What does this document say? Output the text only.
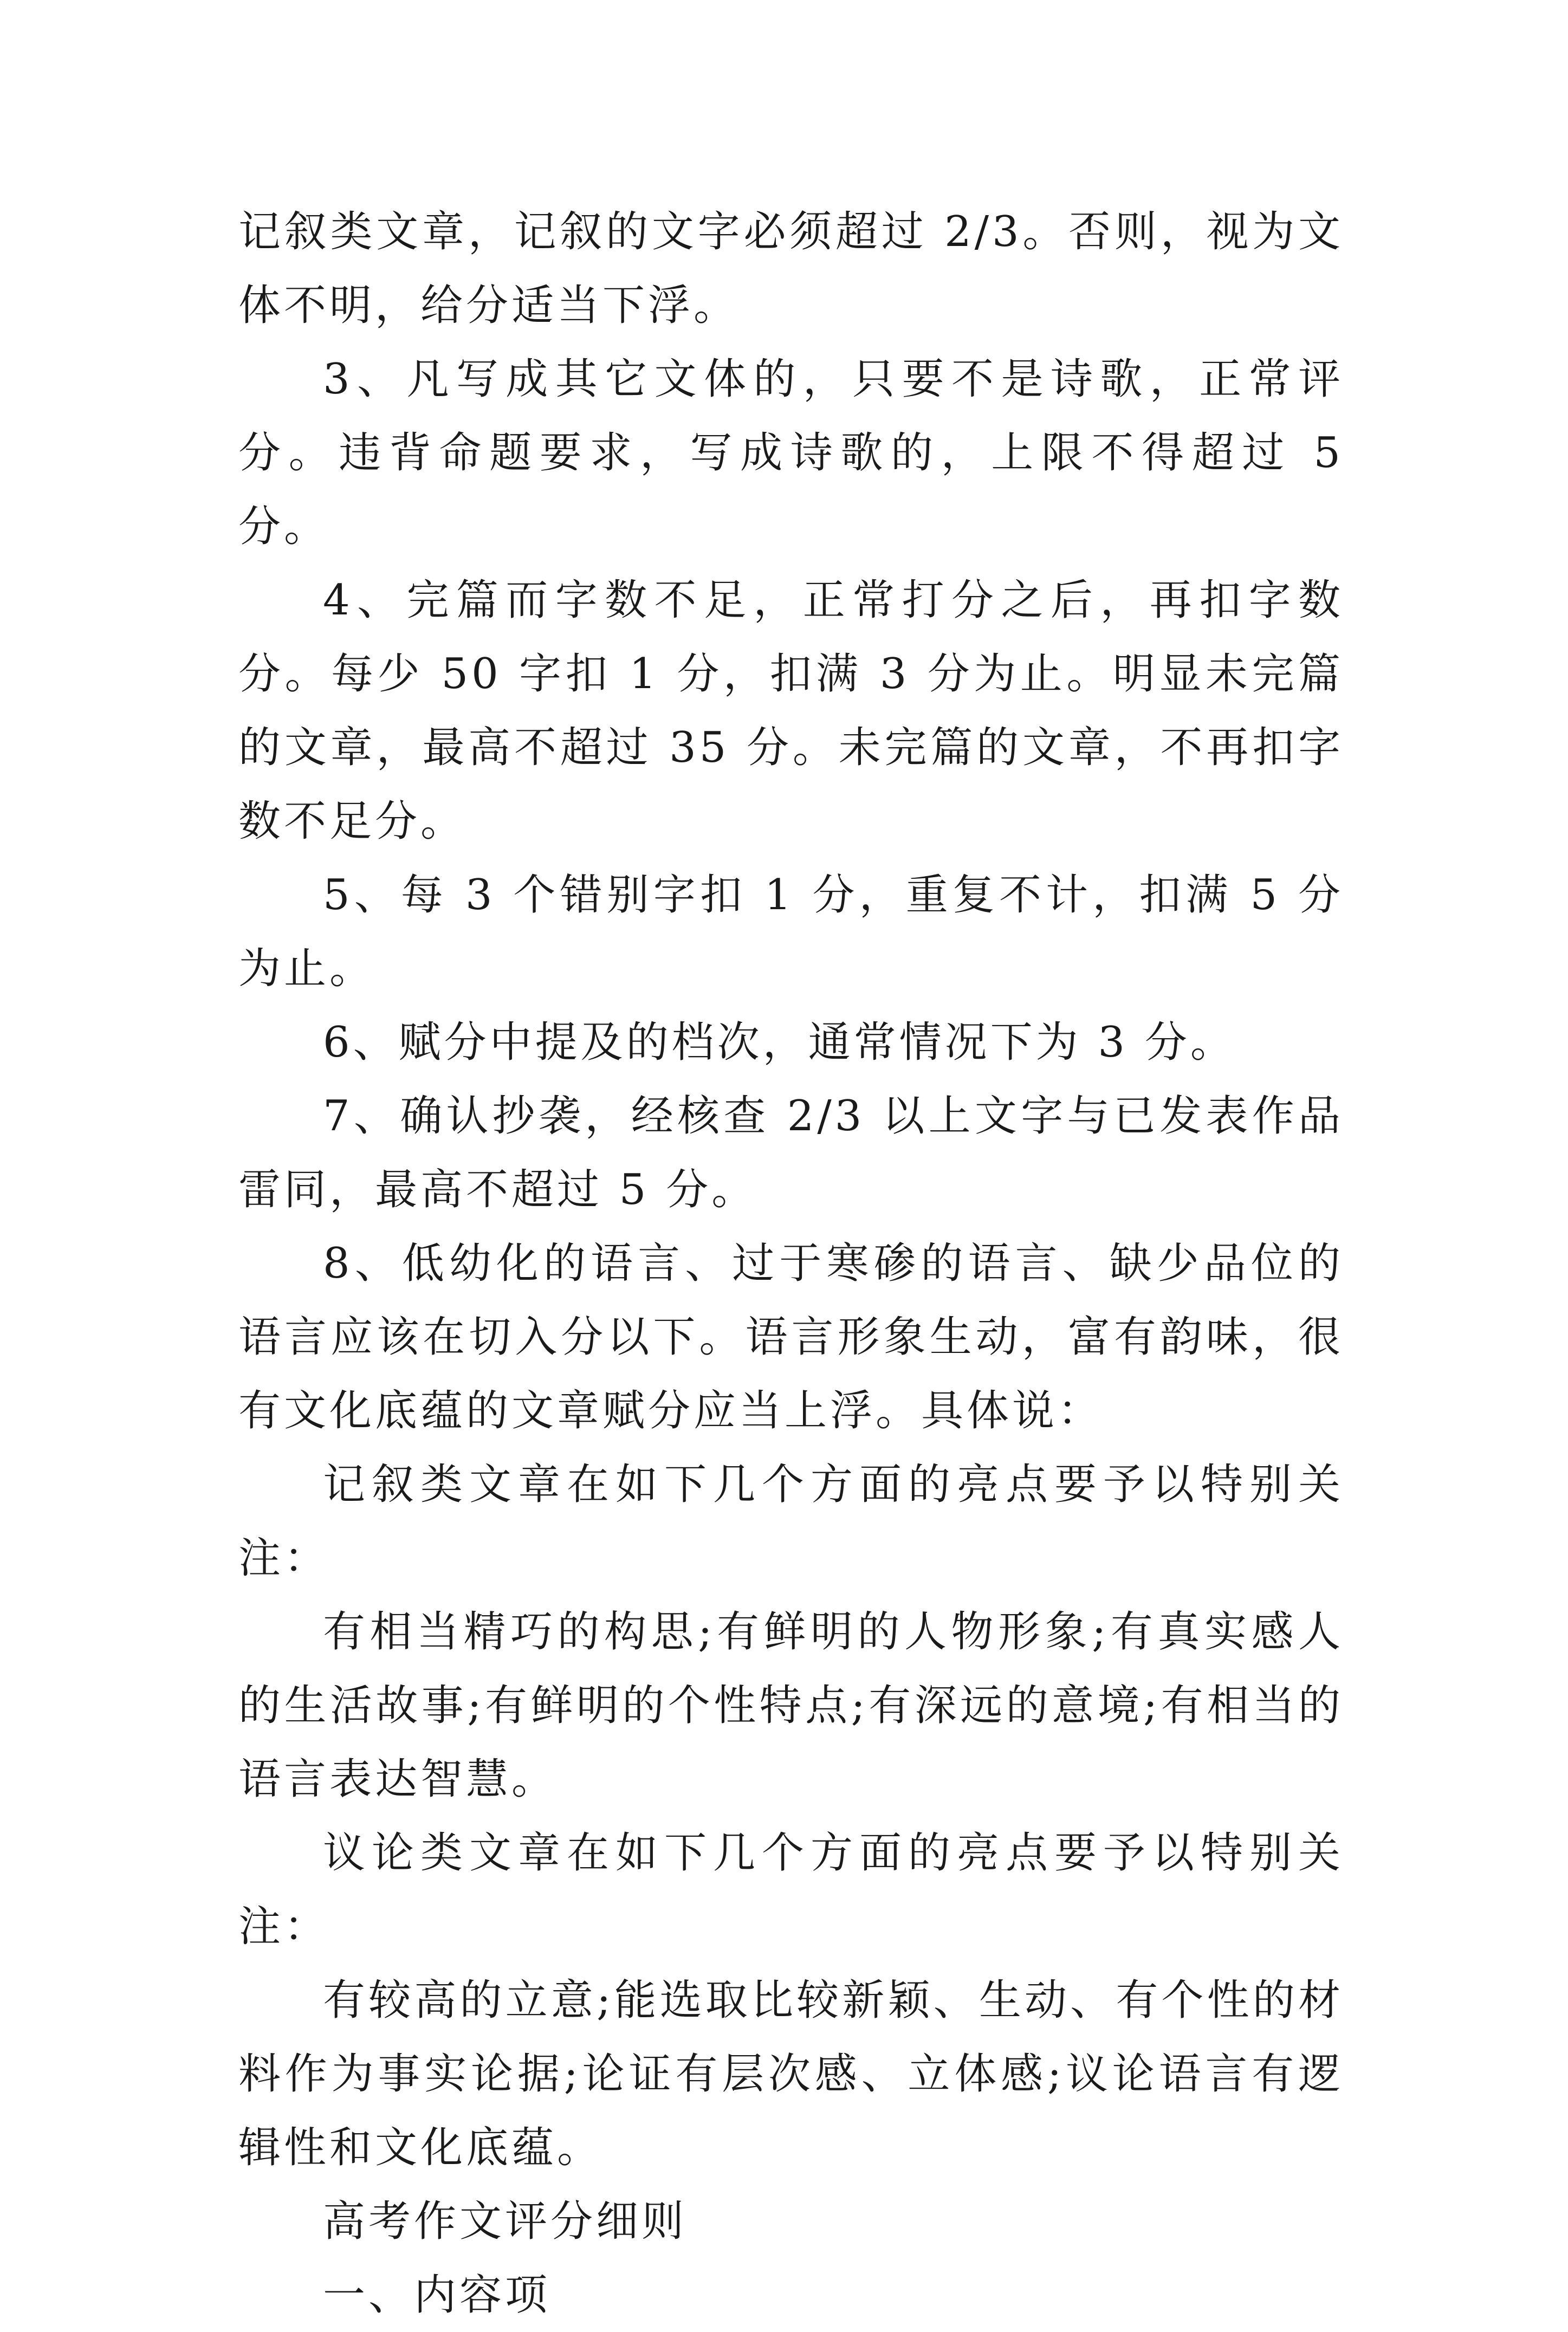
记叙类文章，记叙的文字必须超过 2/3。否则，视为文体不明，给分适当下浮。

3、凡写成其它文体的，只要不是诗歌，正常评分。违背命题要求，写成诗歌的，上限不得超过 5 分。

4、完篇而字数不足，正常打分之后，再扣字数分。每少 50 字扣 1 分，扣满 3 分为止。明显未完篇的文章，最高不超过 35 分。未完篇的文章，不再扣字数不足分。

5、每 3 个错别字扣 1 分，重复不计，扣满 5 分为止。

6、赋分中提及的档次，通常情况下为 3 分。

7、确认抄袭，经核查 2/3 以上文字与已发表作品雷同，最高不超过 5 分。

8、低幼化的语言、过于寒碜的语言、缺少品位的语言应该在切入分以下。语言形象生动，富有韵味，很有文化底蕴的文章赋分应当上浮。具体说：

记叙类文章在如下几个方面的亮点要予以特别关注：

有相当精巧的构思;有鲜明的人物形象;有真实感人的生活故事;有鲜明的个性特点;有深远的意境;有相当的语言表达智慧。

议论类文章在如下几个方面的亮点要予以特别关注：

有较高的立意;能选取比较新颖、生动、有个性的材料作为事实论据;论证有层次感、立体感;议论语言有逻辑性和文化底蕴。

高考作文评分细则

一、内容项
